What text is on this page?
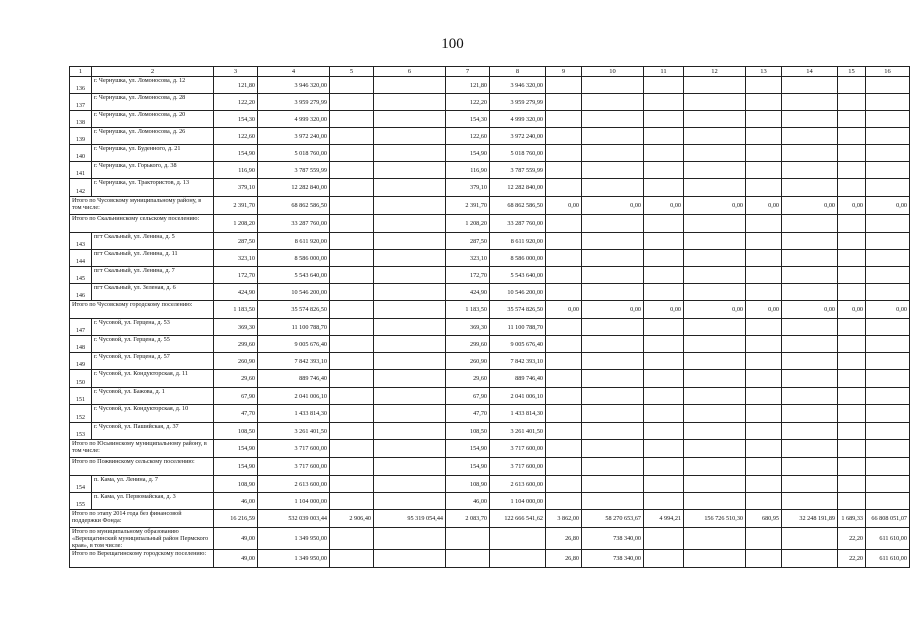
100
1	2	3	4	5	6	7	8	9	10	11	12	13	14	15	16
136	г. Чернушка, ул. Ломоносова, д. 12	121,80	3 946 320,00			121,80	3 946 320,00								
137	г. Чернушка, ул. Ломоносова, д. 28	122,20	3 959 279,99			122,20	3 959 279,99								
138	г. Чернушка, ул. Ломоносова, д. 20	154,30	4 999 320,00			154,30	4 999 320,00								
139	г. Чернушка, ул. Ломоносова, д. 26	122,60	3 972 240,00			122,60	3 972 240,00								
140	г. Чернушка, ул. Буденного, д. 21	154,90	5 018 760,00			154,90	5 018 760,00								
141	г. Чернушка, ул. Горького, д. 38	116,90	3 787 559,99			116,90	3 787 559,99								
142	г. Чернушка, ул. Трактористов, д. 13	379,10	12 282 840,00			379,10	12 282 840,00								
Итого по Чусовскому муниципальному району, в том числе:		2 391,70	68 862 586,50			2 391,70	68 862 586,50	0,00	0,00	0,00	0,00	0,00	0,00	0,00	0,00
Итого по Скальнинскому сельскому поселению:		1 208,20	33 287 760,00			1 208,20	33 287 760,00								
143	пгт Скальный, ул. Ленина, д. 5	287,50	8 611 920,00			287,50	8 611 920,00								
144	пгт Скальный, ул. Ленина, д. 11	323,10	8 586 000,00			323,10	8 586 000,00								
145	пгт Скальный, ул. Ленина, д. 7	172,70	5 543 640,00			172,70	5 543 640,00								
146	пгт Скальный, ул. Зеленая, д. 6	424,90	10 546 200,00			424,90	10 546 200,00								
Итого по Чусовскому городскому поселению:		1 183,50	35 574 826,50			1 183,50	35 574 826,50	0,00	0,00	0,00	0,00	0,00	0,00	0,00	0,00
147	г. Чусовой, ул. Герцена, д. 53	369,30	11 100 788,70			369,30	11 100 788,70								
148	г. Чусовой, ул. Герцена, д. 55	299,60	9 005 676,40			299,60	9 005 676,40								
149	г. Чусовой, ул. Герцена, д. 57	260,90	7 842 393,10			260,90	7 842 393,10								
150	г. Чусовой, ул. Кондукторская, д. 11	29,60	889 746,40			29,60	889 746,40								
151	г. Чусовой, ул. Бажова, д. 1	67,90	2 041 006,10			67,90	2 041 006,10								
152	г. Чусовой, ул. Кондукторская, д. 10	47,70	1 433 814,30			47,70	1 433 814,30								
153	г. Чусовой, ул. Пашийская, д. 37	108,50	3 261 401,50			108,50	3 261 401,50								
Итого по Юсьвинскому муниципальному району, в том числе:		154,90	3 717 600,00			154,90	3 717 600,00								
Итого по Пожвинскому сельскому поселению:		154,90	3 717 600,00			154,90	3 717 600,00								
154	п. Кама, ул. Ленина, д. 7	108,90	2 613 600,00			108,90	2 613 600,00								
155	п. Кама, ул. Первомайская, д. 3	46,00	1 104 000,00			46,00	1 104 000,00								
Итого по этапу 2014 года без финансовой поддержки Фонда:		16 216,59	532 039 003,44	2 906,40	95 319 054,44	2 083,70	122 666 541,62	3 862,00	58 270 653,67	4 994,21	156 726 510,30	680,95	32 248 191,89	1 689,33	66 808 051,07
Итого по муниципальному образованию «Верещагинский муниципальный район Пермского края», в том числе:		49,00	1 349 950,00					26,80	738 340,00					22,20	611 610,00
Итого по Верещагинскому городскому поселению:		49,00	1 349 950,00					26,80	738 340,00					22,20	611 610,00
